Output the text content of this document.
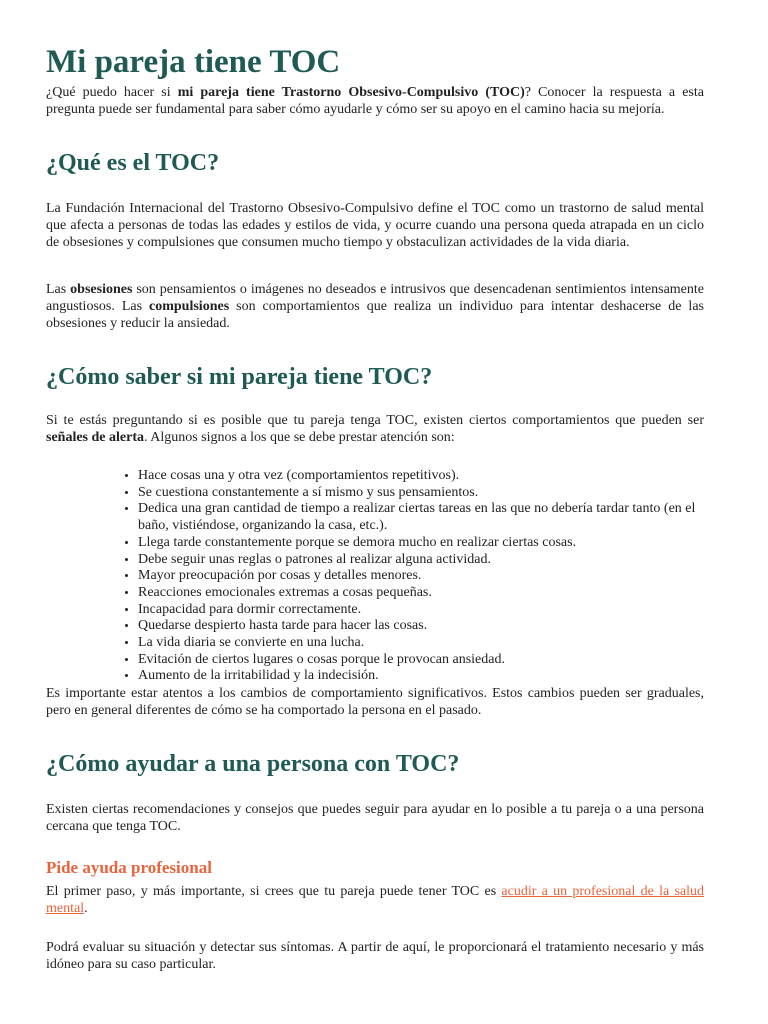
Mi pareja tiene TOC

¿Qué puedo hacer si mi pareja tiene Trastorno Obsesivo-Compulsivo (TOC)? Conocer la respuesta a esta pregunta puede ser fundamental para saber cómo ayudarle y cómo ser su apoyo en el camino hacia su mejoría.

¿Qué es el TOC?

La Fundación Internacional del Trastorno Obsesivo-Compulsivo define el TOC como un trastorno de salud mental que afecta a personas de todas las edades y estilos de vida, y ocurre cuando una persona queda atrapada en un ciclo de obsesiones y compulsiones que consumen mucho tiempo y obstaculizan actividades de la vida diaria.

Las obsesiones son pensamientos o imágenes no deseados e intrusivos que desencadenan sentimientos intensamente angustiosos. Las compulsiones son comportamientos que realiza un individuo para intentar deshacerse de las obsesiones y reducir la ansiedad.

¿Cómo saber si mi pareja tiene TOC?

Si te estás preguntando si es posible que tu pareja tenga TOC, existen ciertos comportamientos que pueden ser señales de alerta. Algunos signos a los que se debe prestar atención son:

• Hace cosas una y otra vez (comportamientos repetitivos).
• Se cuestiona constantemente a sí mismo y sus pensamientos.
• Dedica una gran cantidad de tiempo a realizar ciertas tareas en las que no debería tardar tanto (en el baño, vistiéndose, organizando la casa, etc.).
• Llega tarde constantemente porque se demora mucho en realizar ciertas cosas.
• Debe seguir unas reglas o patrones al realizar alguna actividad.
• Mayor preocupación por cosas y detalles menores.
• Reacciones emocionales extremas a cosas pequeñas.
• Incapacidad para dormir correctamente.
• Quedarse despierto hasta tarde para hacer las cosas.
• La vida diaria se convierte en una lucha.
• Evitación de ciertos lugares o cosas porque le provocan ansiedad.
• Aumento de la irritabilidad y la indecisión.

Es importante estar atentos a los cambios de comportamiento significativos. Estos cambios pueden ser graduales, pero en general diferentes de cómo se ha comportado la persona en el pasado.

¿Cómo ayudar a una persona con TOC?

Existen ciertas recomendaciones y consejos que puedes seguir para ayudar en lo posible a tu pareja o a una persona cercana que tenga TOC.

Pide ayuda profesional

El primer paso, y más importante, si crees que tu pareja puede tener TOC es acudir a un profesional de la salud mental.

Podrá evaluar su situación y detectar sus síntomas. A partir de aquí, le proporcionará el tratamiento necesario y más idóneo para su caso particular.
